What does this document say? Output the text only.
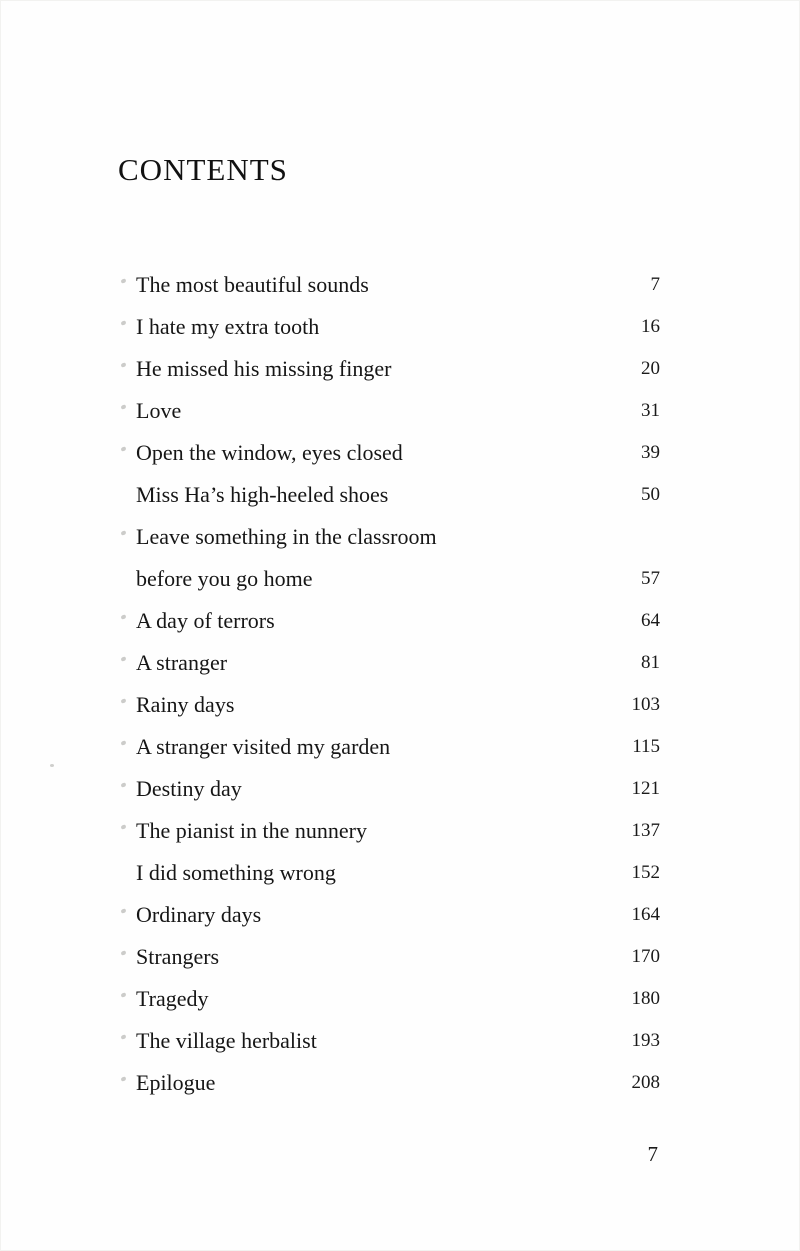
CONTENTS
The most beautiful sounds	7
I hate my extra tooth	16
He missed his missing finger	20
Love	31
Open the window, eyes closed	39
Miss Ha’s high-heeled shoes	50
Leave something in the classroom
before you go home	57
A day of terrors	64
A stranger	81
Rainy days	103
A stranger visited my garden	115
Destiny day	121
The pianist in the nunnery	137
I did something wrong	152
Ordinary days	164
Strangers	170
Tragedy	180
The village herbalist	193
Epilogue	208
7
